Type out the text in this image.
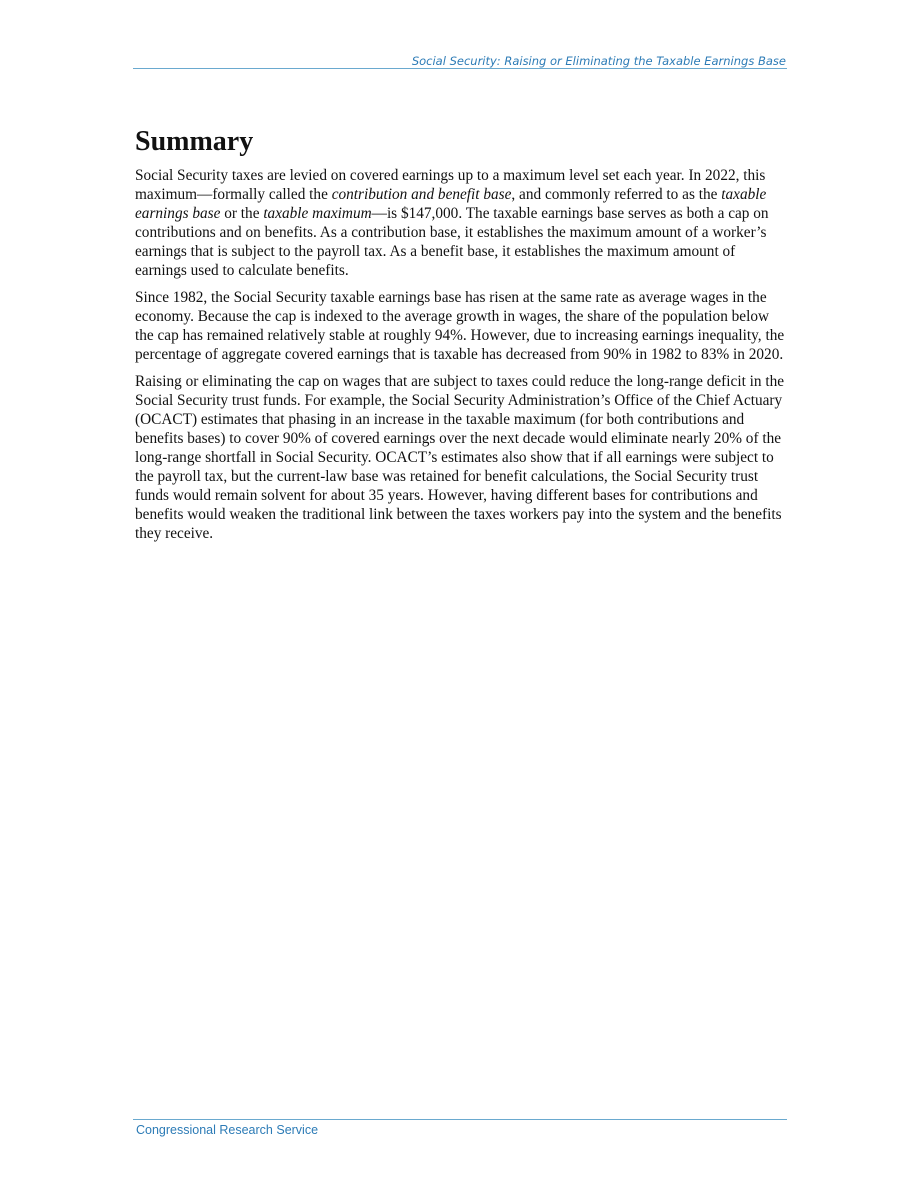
Social Security: Raising or Eliminating the Taxable Earnings Base
Summary

Social Security taxes are levied on covered earnings up to a maximum level set each year. In 2022, this maximum—formally called the contribution and benefit base, and commonly referred to as the taxable earnings base or the taxable maximum—is $147,000. The taxable earnings base serves as both a cap on contributions and on benefits. As a contribution base, it establishes the maximum amount of a worker’s earnings that is subject to the payroll tax. As a benefit base, it establishes the maximum amount of earnings used to calculate benefits.

Since 1982, the Social Security taxable earnings base has risen at the same rate as average wages in the economy. Because the cap is indexed to the average growth in wages, the share of the population below the cap has remained relatively stable at roughly 94%. However, due to increasing earnings inequality, the percentage of aggregate covered earnings that is taxable has decreased from 90% in 1982 to 83% in 2020.

Raising or eliminating the cap on wages that are subject to taxes could reduce the long-range deficit in the Social Security trust funds. For example, the Social Security Administration’s Office of the Chief Actuary (OCACT) estimates that phasing in an increase in the taxable maximum (for both contributions and benefits bases) to cover 90% of covered earnings over the next decade would eliminate nearly 20% of the long-range shortfall in Social Security. OCACT’s estimates also show that if all earnings were subject to the payroll tax, but the current-law base was retained for benefit calculations, the Social Security trust funds would remain solvent for about 35 years. However, having different bases for contributions and benefits would weaken the traditional link between the taxes workers pay into the system and the benefits they receive.

Congressional Research Service
